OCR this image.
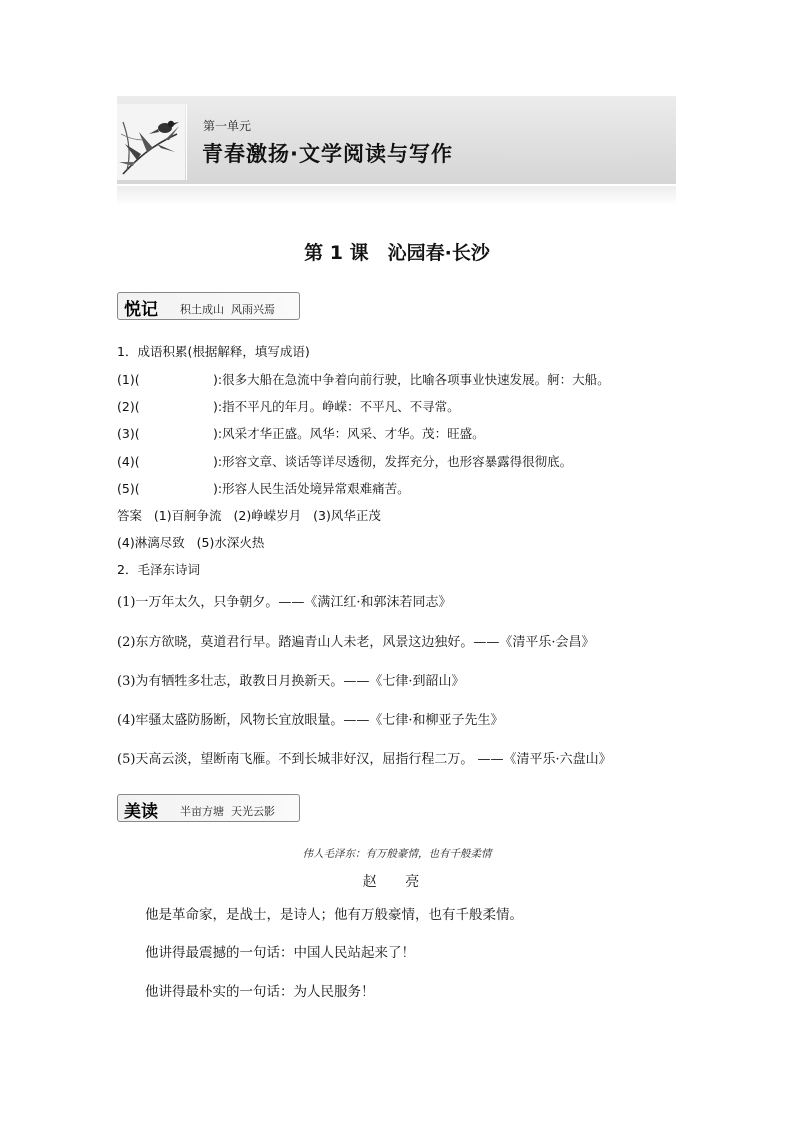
第一单元
青春激扬·文学阅读与写作
第 1 课　沁园春·长沙
悦记 积土成山  风雨兴焉
1．成语积累(根据解释，填写成语)
(1)(	):很多大船在急流中争着向前行驶，比喻各项事业快速发展。舸：大船。
(2)(	):指不平凡的年月。峥嵘：不平凡、不寻常。
(3)(	):风采才华正盛。风华：风采、才华。茂：旺盛。
(4)(	):形容文章、谈话等详尽透彻，发挥充分，也形容暴露得很彻底。
(5)(	):形容人民生活处境异常艰难痛苦。
答案   (1)百舸争流   (2)峥嵘岁月   (3)风华正茂
(4)淋漓尽致   (5)水深火热
2．毛泽东诗词
(1)一万年太久，只争朝夕。——《满江红·和郭沫若同志》
(2)东方欲晓，莫道君行早。踏遍青山人未老，风景这边独好。——《清平乐·会昌》
(3)为有牺牲多壮志，敢教日月换新天。——《七律·到韶山》
(4)牢骚太盛防肠断，风物长宜放眼量。——《七律·和柳亚子先生》
(5)天高云淡，望断南飞雁。不到长城非好汉，屈指行程二万。 ——《清平乐·六盘山》
美读 半亩方塘  天光云影
伟人毛泽东：有万般豪情，也有千般柔情
赵 亮
他是革命家，是战士，是诗人；他有万般豪情，也有千般柔情。
他讲得最震撼的一句话：中国人民站起来了！
他讲得最朴实的一句话：为人民服务！
